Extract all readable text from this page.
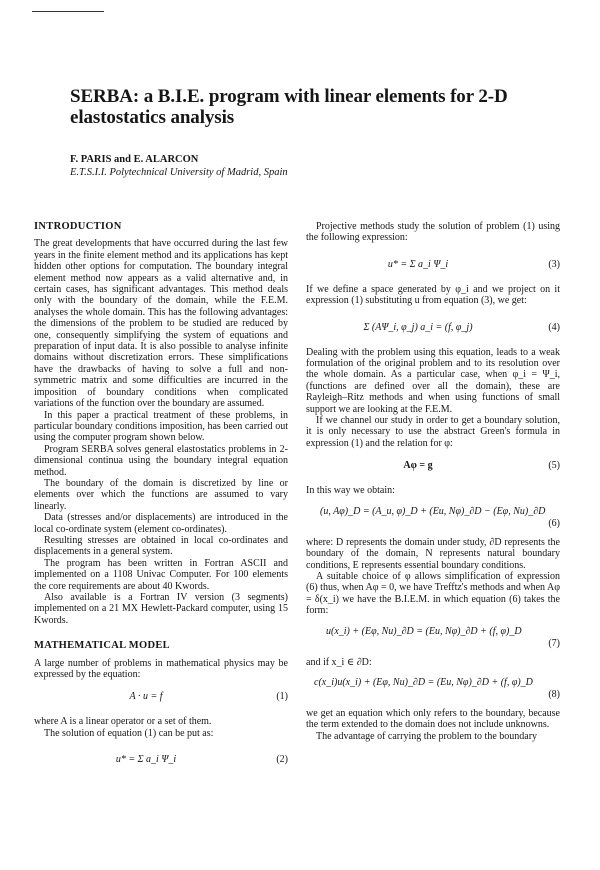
SERBA: a B.I.E. program with linear elements for 2-D elastostatics analysis
F. PARIS and E. ALARCON
E.T.S.I.I. Polytechnical University of Madrid, Spain
INTRODUCTION

The great developments that have occurred during the last few years in the finite element method and its applications has kept hidden other options for computation. The boundary integral element method now appears as a valid alternative and, in certain cases, has significant advantages. This method deals only with the boundary of the domain, while the F.E.M. analyses the whole domain. This has the following advantages: the dimensions of the problem to be studied are reduced by one, consequently simplifying the system of equations and preparation of input data. It is also possible to analyse infinite domains without discretization errors. These simplifications have the drawbacks of having to solve a full and non-symmetric matrix and some difficulties are incurred in the imposition of boundary conditions when complicated variations of the function over the boundary are assumed.

In this paper a practical treatment of these problems, in particular boundary conditions imposition, has been carried out using the computer program shown below.

Program SERBA solves general elastostatics problems in 2-dimensional continua using the boundary integral equation method.

The boundary of the domain is discretized by line or elements over which the functions are assumed to vary linearly.

Data (stresses and/or displacements) are introduced in the local co-ordinate system (element co-ordinates).

Resulting stresses are obtained in local co-ordinates and displacements in a general system.

The program has been written in Fortran ASCII and implemented on a 1108 Univac Computer. For 100 elements the core requirements are about 40 Kwords.

Also available is a Fortran IV version (3 segments) implemented on a 21 MX Hewlett-Packard computer, using 15 Kwords.

MATHEMATICAL MODEL

A large number of problems in mathematical physics may be expressed by the equation:

A · u = f	(1)

where A is a linear operator or a set of them.

The solution of equation (1) can be put as:

u* = Σ a_i Ψ_i	(2)

Projective methods study the solution of problem (1) using the following expression:

u* = Σ a_i Ψ_i	(3)

If we define a space generated by φ_i and we project on it expression (1) substituting u from equation (3), we get:

Σ (AΨ_i, φ_j) a_i = (f, φ_j)	(4)

Dealing with the problem using this equation, leads to a weak formulation of the original problem and to its resolution over the whole domain. As a particular case, when φ_i = Ψ_i, (functions are defined over all the domain), these are Rayleigh–Ritz methods and when using functions of small support we are looking at the F.E.M.

If we channel our study in order to get a boundary solution, it is only necessary to use the abstract Green's formula in expression (1) and the relation for φ:

Aφ = g	(5)

In this way we obtain:

(u, Aφ)_D = (A_u, φ)_D + (Eu, Nφ)_∂D − (Eφ, Nu)_∂D
(6)

where: D represents the domain under study, ∂D represents the boundary of the domain, N represents natural boundary conditions, E represents essential boundary conditions.

A suitable choice of φ allows simplification of expression (6) thus, when Aφ = 0, we have Trefftz's methods and when Aφ = δ(x_i) we have the B.I.E.M. in which equation (6) takes the form:

u(x_i) + (Eφ, Nu)_∂D = (Eu, Nφ)_∂D + (f, φ)_D
(7)

and if x_i ∈ ∂D:

c(x_i)u(x_i) + (Eφ, Nu)_∂D = (Eu, Nφ)_∂D + (f, φ)_D
(8)

we get an equation which only refers to the boundary, because the term extended to the domain does not include unknowns.

The advantage of carrying the problem to the boundary
